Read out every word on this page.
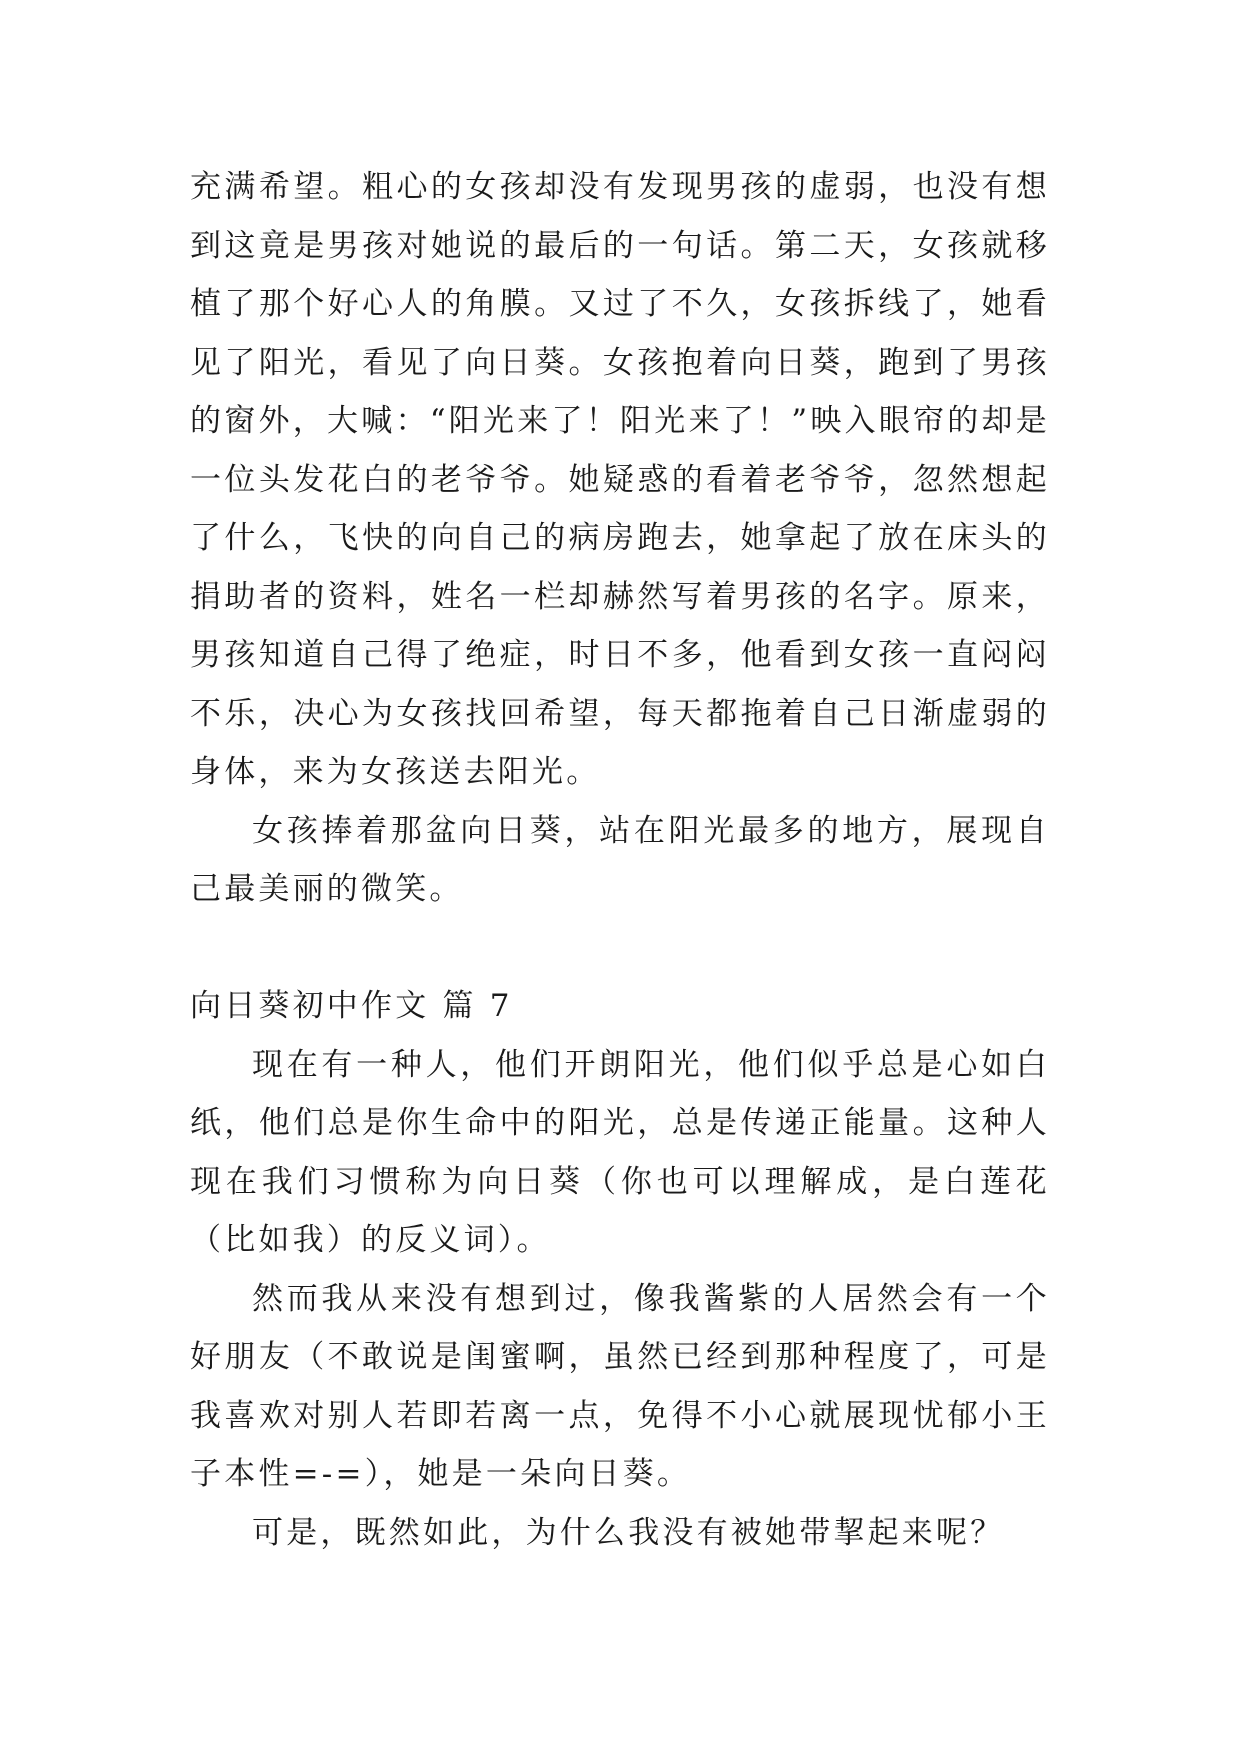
充满希望。粗心的女孩却没有发现男孩的虚弱，也没有想到这竟是男孩对她说的最后的一句话。第二天，女孩就移植了那个好心人的角膜。又过了不久，女孩拆线了，她看见了阳光，看见了向日葵。女孩抱着向日葵，跑到了男孩的窗外，大喊：“阳光来了！阳光来了！”映入眼帘的却是一位头发花白的老爷爷。她疑惑的看着老爷爷，忽然想起了什么，飞快的向自己的病房跑去，她拿起了放在床头的捐助者的资料，姓名一栏却赫然写着男孩的名字。原来，男孩知道自己得了绝症，时日不多，他看到女孩一直闷闷不乐，决心为女孩找回希望，每天都拖着自己日渐虚弱的身体，来为女孩送去阳光。

女孩捧着那盆向日葵，站在阳光最多的地方，展现自己最美丽的微笑。

向日葵初中作文 篇 7

现在有一种人，他们开朗阳光，他们似乎总是心如白纸，他们总是你生命中的阳光，总是传递正能量。这种人现在我们习惯称为向日葵（你也可以理解成，是白莲花（比如我）的反义词）。

然而我从来没有想到过，像我酱紫的人居然会有一个好朋友（不敢说是闺蜜啊，虽然已经到那种程度了，可是我喜欢对别人若即若离一点，免得不小心就展现忧郁小王子本性=-=），她是一朵向日葵。

可是，既然如此，为什么我没有被她带挈起来呢？
